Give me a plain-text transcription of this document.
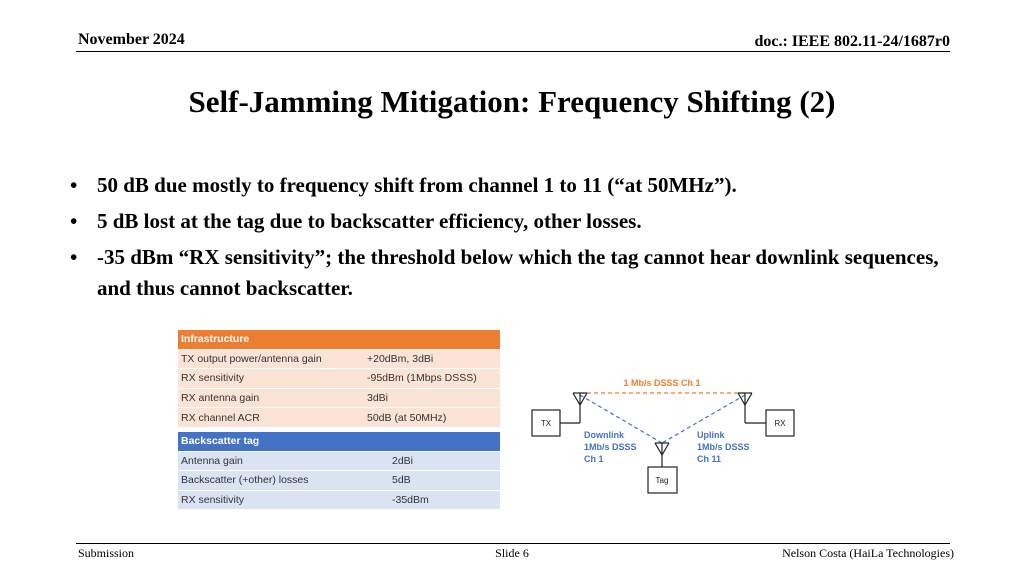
November 2024	doc.: IEEE 802.11-24/1687r0
Self-Jamming Mitigation: Frequency Shifting (2)
• 50 dB due mostly to frequency shift from channel 1 to 11 (“at 50MHz”).
• 5 dB lost at the tag due to backscatter efficiency, other losses.
• -35 dBm “RX sensitivity”; the threshold below which the tag cannot hear downlink sequences, and thus cannot backscatter.
Infrastructure	
TX output power/antenna gain	+20dBm, 3dBi
RX sensitivity	-95dBm (1Mbps DSSS)
RX antenna gain	3dBi
RX channel ACR	50dB (at 50MHz)

Backscatter tag	
Antenna gain	2dBi
Backscatter (+other) losses	5dB
RX sensitivity	-35dBm
1 Mb/s DSSS Ch 1
TX	RX
Tag
Downlink
1Mb/s DSSS
Ch 1
Uplink
1Mb/s DSSS
Ch 11
Submission	Slide 6	Nelson Costa (HaiLa Technologies)
